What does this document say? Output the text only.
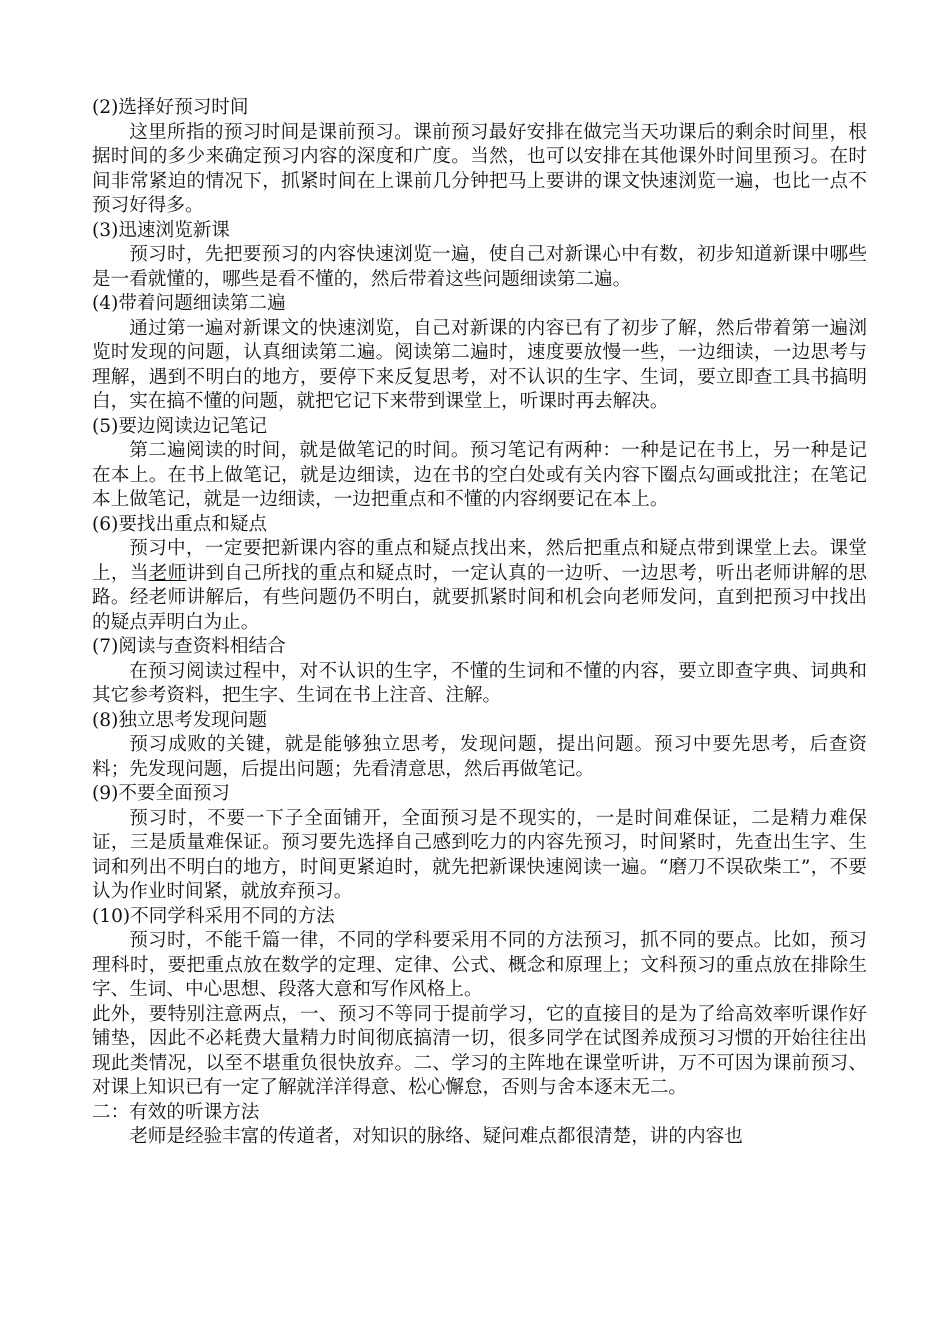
(2)选择好预习时间

这里所指的预习时间是课前预习。课前预习最好安排在做完当天功课后的剩余时间里，根据时间的多少来确定预习内容的深度和广度。当然，也可以安排在其他课外时间里预习。在时间非常紧迫的情况下，抓紧时间在上课前几分钟把马上要讲的课文快速浏览一遍，也比一点不预习好得多。

(3)迅速浏览新课

预习时，先把要预习的内容快速浏览一遍，使自己对新课心中有数，初步知道新课中哪些是一看就懂的，哪些是看不懂的，然后带着这些问题细读第二遍。

(4)带着问题细读第二遍

通过第一遍对新课文的快速浏览，自己对新课的内容已有了初步了解，然后带着第一遍浏览时发现的问题，认真细读第二遍。阅读第二遍时，速度要放慢一些，一边细读，一边思考与理解，遇到不明白的地方，要停下来反复思考，对不认识的生字、生词，要立即查工具书搞明白，实在搞不懂的问题，就把它记下来带到课堂上，听课时再去解决。

(5)要边阅读边记笔记

第二遍阅读的时间，就是做笔记的时间。预习笔记有两种：一种是记在书上，另一种是记在本上。在书上做笔记，就是边细读，边在书的空白处或有关内容下圈点勾画或批注；在笔记本上做笔记，就是一边细读，一边把重点和不懂的内容纲要记在本上。

(6)要找出重点和疑点

预习中，一定要把新课内容的重点和疑点找出来，然后把重点和疑点带到课堂上去。课堂上，当老师讲到自己所找的重点和疑点时，一定认真的一边听、一边思考，听出老师讲解的思路。经老师讲解后，有些问题仍不明白，就要抓紧时间和机会向老师发问，直到把预习中找出的疑点弄明白为止。

(7)阅读与查资料相结合

在预习阅读过程中，对不认识的生字，不懂的生词和不懂的内容，要立即查字典、词典和其它参考资料，把生字、生词在书上注音、注解。

(8)独立思考发现问题

预习成败的关键，就是能够独立思考，发现问题，提出问题。预习中要先思考，后查资料；先发现问题，后提出问题；先看清意思，然后再做笔记。

(9)不要全面预习

预习时，不要一下子全面铺开，全面预习是不现实的，一是时间难保证，二是精力难保证，三是质量难保证。预习要先选择自己感到吃力的内容先预习，时间紧时，先查出生字、生词和列出不明白的地方，时间更紧迫时，就先把新课快速阅读一遍。“磨刀不误砍柴工”，不要认为作业时间紧，就放弃预习。

(10)不同学科采用不同的方法

预习时，不能千篇一律，不同的学科要采用不同的方法预习，抓不同的要点。比如，预习理科时，要把重点放在数学的定理、定律、公式、概念和原理上；文科预习的重点放在排除生字、生词、中心思想、段落大意和写作风格上。

此外，要特别注意两点，一、预习不等同于提前学习，它的直接目的是为了给高效率听课作好铺垫，因此不必耗费大量精力时间彻底搞清一切，很多同学在试图养成预习习惯的开始往往出现此类情况，以至不堪重负很快放弃。二、学习的主阵地在课堂听讲，万不可因为课前预习、对课上知识已有一定了解就洋洋得意、松心懈怠，否则与舍本逐末无二。

二：有效的听课方法

老师是经验丰富的传道者，对知识的脉络、疑问难点都很清楚，讲的内容也
